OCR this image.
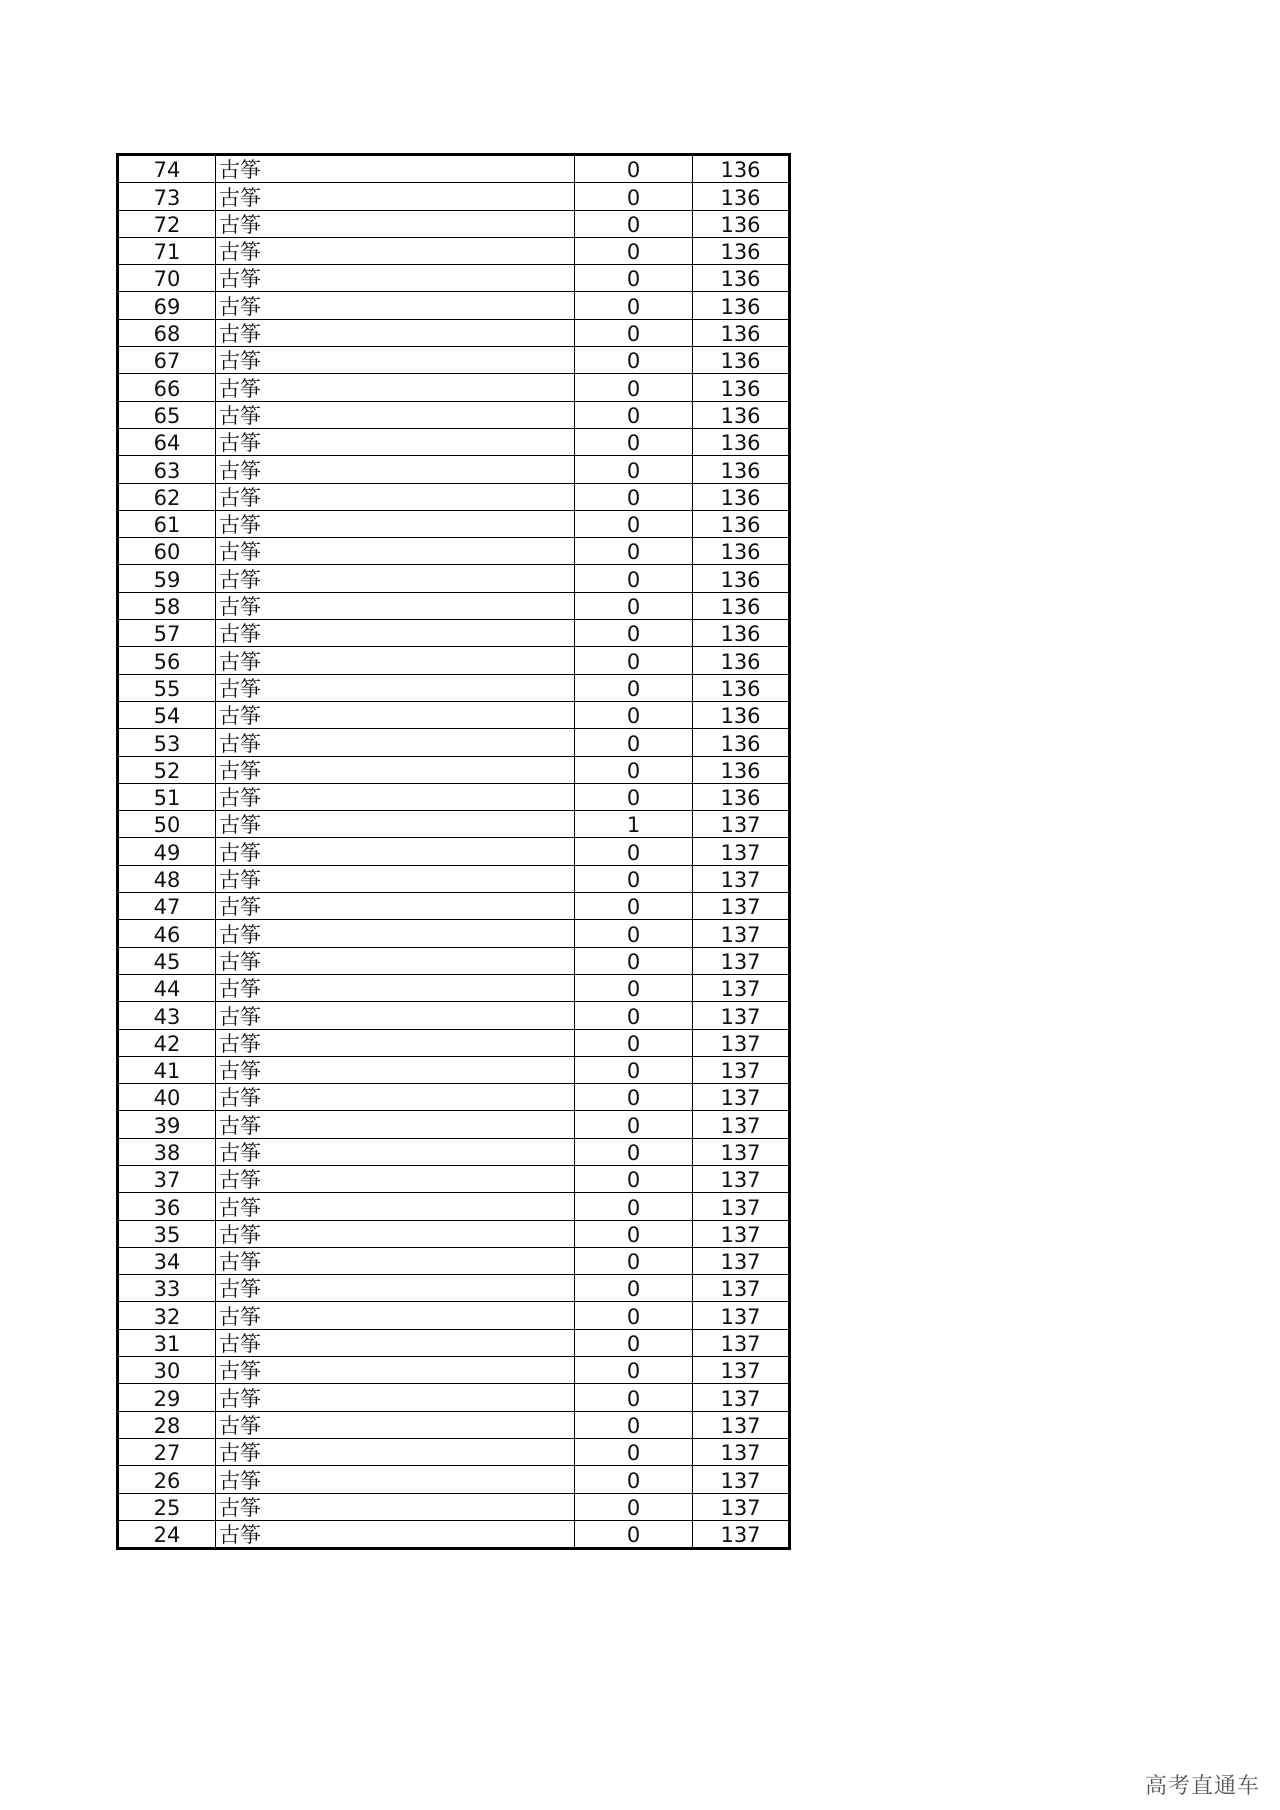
74	古筝	0	136
73	古筝	0	136
72	古筝	0	136
71	古筝	0	136
70	古筝	0	136
69	古筝	0	136
68	古筝	0	136
67	古筝	0	136
66	古筝	0	136
65	古筝	0	136
64	古筝	0	136
63	古筝	0	136
62	古筝	0	136
61	古筝	0	136
60	古筝	0	136
59	古筝	0	136
58	古筝	0	136
57	古筝	0	136
56	古筝	0	136
55	古筝	0	136
54	古筝	0	136
53	古筝	0	136
52	古筝	0	136
51	古筝	0	136
50	古筝	1	137
49	古筝	0	137
48	古筝	0	137
47	古筝	0	137
46	古筝	0	137
45	古筝	0	137
44	古筝	0	137
43	古筝	0	137
42	古筝	0	137
41	古筝	0	137
40	古筝	0	137
39	古筝	0	137
38	古筝	0	137
37	古筝	0	137
36	古筝	0	137
35	古筝	0	137
34	古筝	0	137
33	古筝	0	137
32	古筝	0	137
31	古筝	0	137
30	古筝	0	137
29	古筝	0	137
28	古筝	0	137
27	古筝	0	137
26	古筝	0	137
25	古筝	0	137
24	古筝	0	137
高考直通车
